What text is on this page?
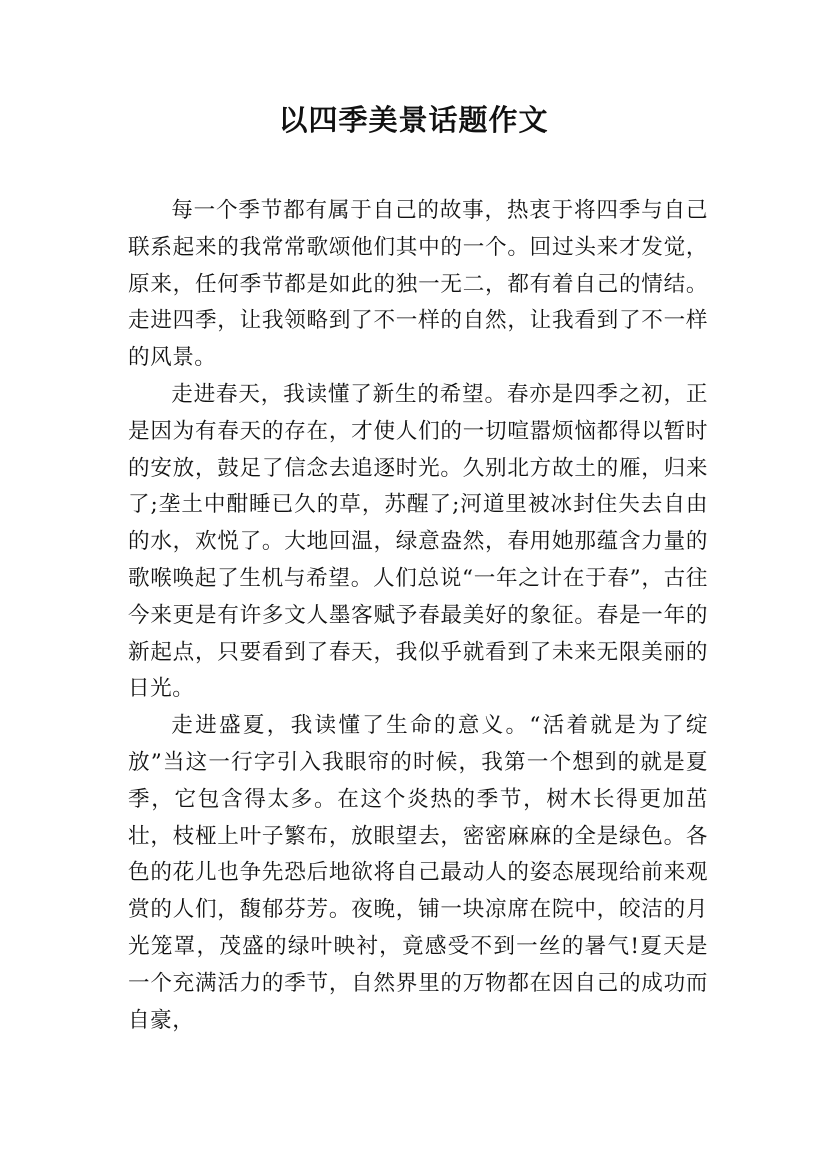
以四季美景话题作文

每一个季节都有属于自己的故事，热衷于将四季与自己联系起来的我常常歌颂他们其中的一个。回过头来才发觉，原来，任何季节都是如此的独一无二，都有着自己的情结。走进四季，让我领略到了不一样的自然，让我看到了不一样的风景。

走进春天，我读懂了新生的希望。春亦是四季之初，正是因为有春天的存在，才使人们的一切喧嚣烦恼都得以暂时的安放，鼓足了信念去追逐时光。久别北方故土的雁，归来了;垄土中酣睡已久的草，苏醒了;河道里被冰封住失去自由的水，欢悦了。大地回温，绿意盎然，春用她那蕴含力量的歌喉唤起了生机与希望。人们总说“一年之计在于春”，古往今来更是有许多文人墨客赋予春最美好的象征。春是一年的新起点，只要看到了春天，我似乎就看到了未来无限美丽的日光。

走进盛夏，我读懂了生命的意义。“活着就是为了绽放”当这一行字引入我眼帘的时候，我第一个想到的就是夏季，它包含得太多。在这个炎热的季节，树木长得更加茁壮，枝桠上叶子繁布，放眼望去，密密麻麻的全是绿色。各色的花儿也争先恐后地欲将自己最动人的姿态展现给前来观赏的人们，馥郁芬芳。夜晚，铺一块凉席在院中，皎洁的月光笼罩，茂盛的绿叶映衬，竟感受不到一丝的暑气!夏天是一个充满活力的季节，自然界里的万物都在因自己的成功而自豪，
